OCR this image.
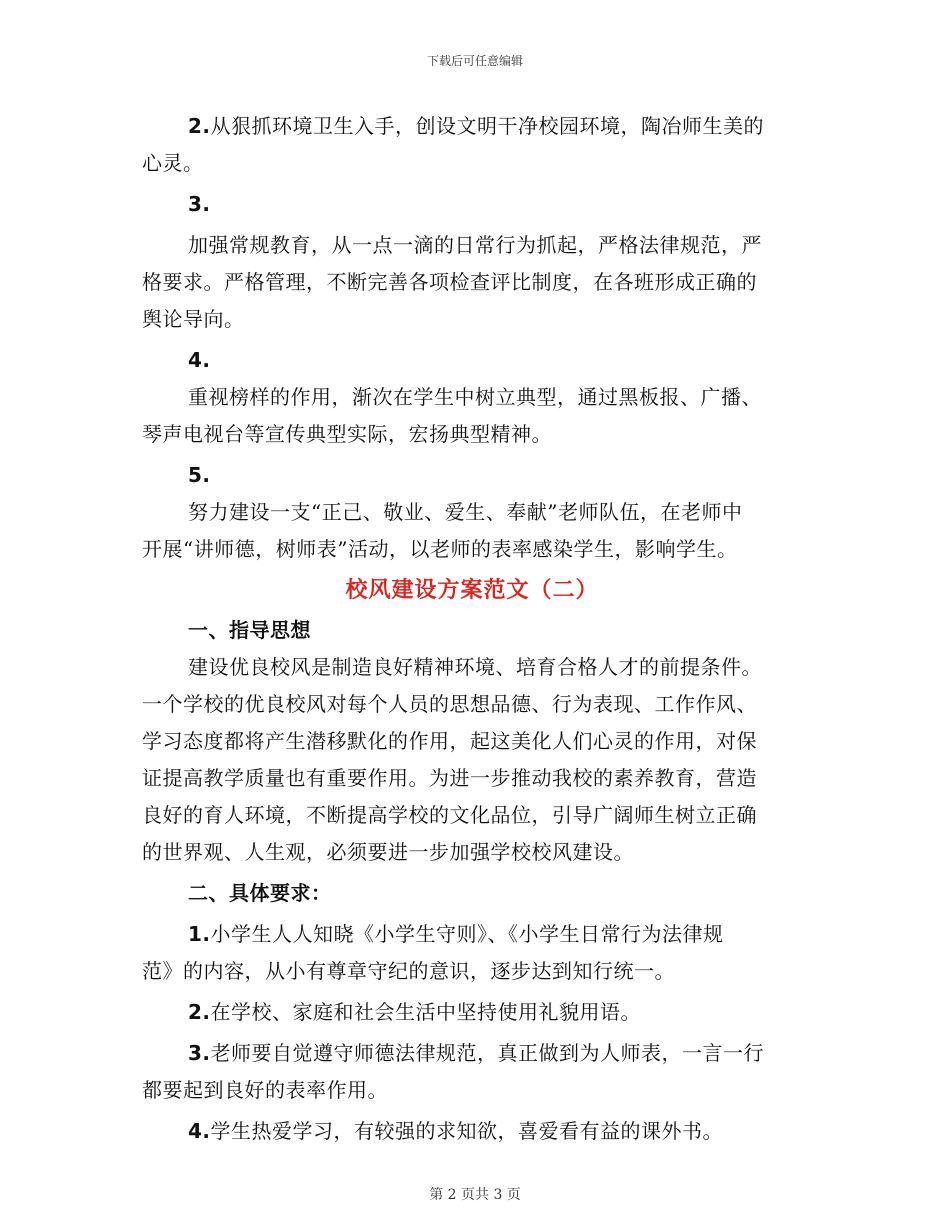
下载后可任意编辑
2.从狠抓环境卫生入手，创设文明干净校园环境，陶冶师生美的
心灵。
3.
加强常规教育，从一点一滴的日常行为抓起，严格法律规范，严
格要求。严格管理，不断完善各项检查评比制度，在各班形成正确的
舆论导向。
4.
重视榜样的作用，渐次在学生中树立典型，通过黑板报、广播、
琴声电视台等宣传典型实际，宏扬典型精神。
5.
努力建设一支“正己、敬业、爱生、奉献”老师队伍，在老师中
开展“讲师德，树师表”活动，以老师的表率感染学生，影响学生。
校风建设方案范文（二）
一、指导思想
建设优良校风是制造良好精神环境、培育合格人才的前提条件。
一个学校的优良校风对每个人员的思想品德、行为表现、工作作风、
学习态度都将产生潜移默化的作用，起这美化人们心灵的作用，对保
证提高教学质量也有重要作用。为进一步推动我校的素养教育，营造
良好的育人环境，不断提高学校的文化品位，引导广阔师生树立正确
的世界观、人生观，必须要进一步加强学校校风建设。
二、具体要求：
1.小学生人人知晓《小学生守则》、《小学生日常行为法律规
范》的内容，从小有尊章守纪的意识，逐步达到知行统一。
2.在学校、家庭和社会生活中坚持使用礼貌用语。
3.老师要自觉遵守师德法律规范，真正做到为人师表，一言一行
都要起到良好的表率作用。
4.学生热爱学习，有较强的求知欲，喜爱看有益的课外书。
第 2 页共 3 页
